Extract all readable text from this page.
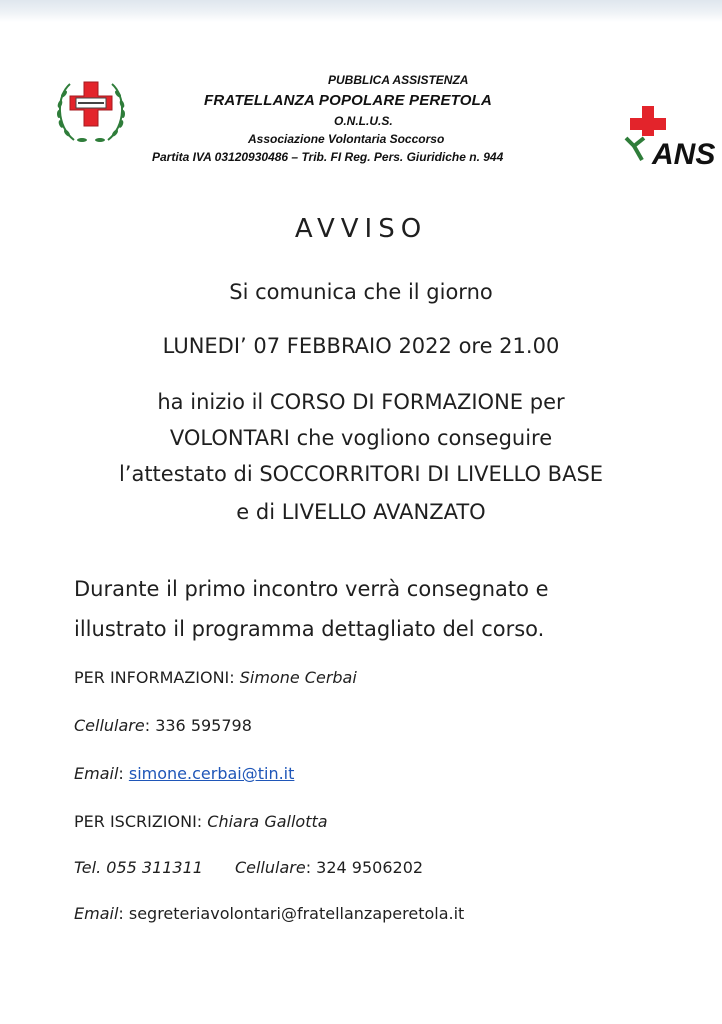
PUBBLICA ASSISTENZA
FRATELLANZA POPOLARE PERETOLA
O.N.L.U.S.
Associazione Volontaria Soccorso
Partita IVA 03120930486 – Trib. FI Reg. Pers. Giuridiche n. 944	ANS
AVVISO
Si comunica che il giorno
LUNEDI’ 07 FEBBRAIO 2022 ore 21.00
ha inizio il CORSO DI FORMAZIONE per
VOLONTARI che vogliono conseguire
l’attestato di SOCCORRITORI DI LIVELLO BASE
e di LIVELLO AVANZATO
Durante il primo incontro verrà consegnato e
illustrato il programma dettagliato del corso.
PER INFORMAZIONI: Simone Cerbai
Cellulare: 336 595798
Email: simone.cerbai@tin.it
PER ISCRIZIONI: Chiara Gallotta
Tel. 055 311311 Cellulare: 324 9506202
Email: segreteriavolontari@fratellanzaperetola.it
